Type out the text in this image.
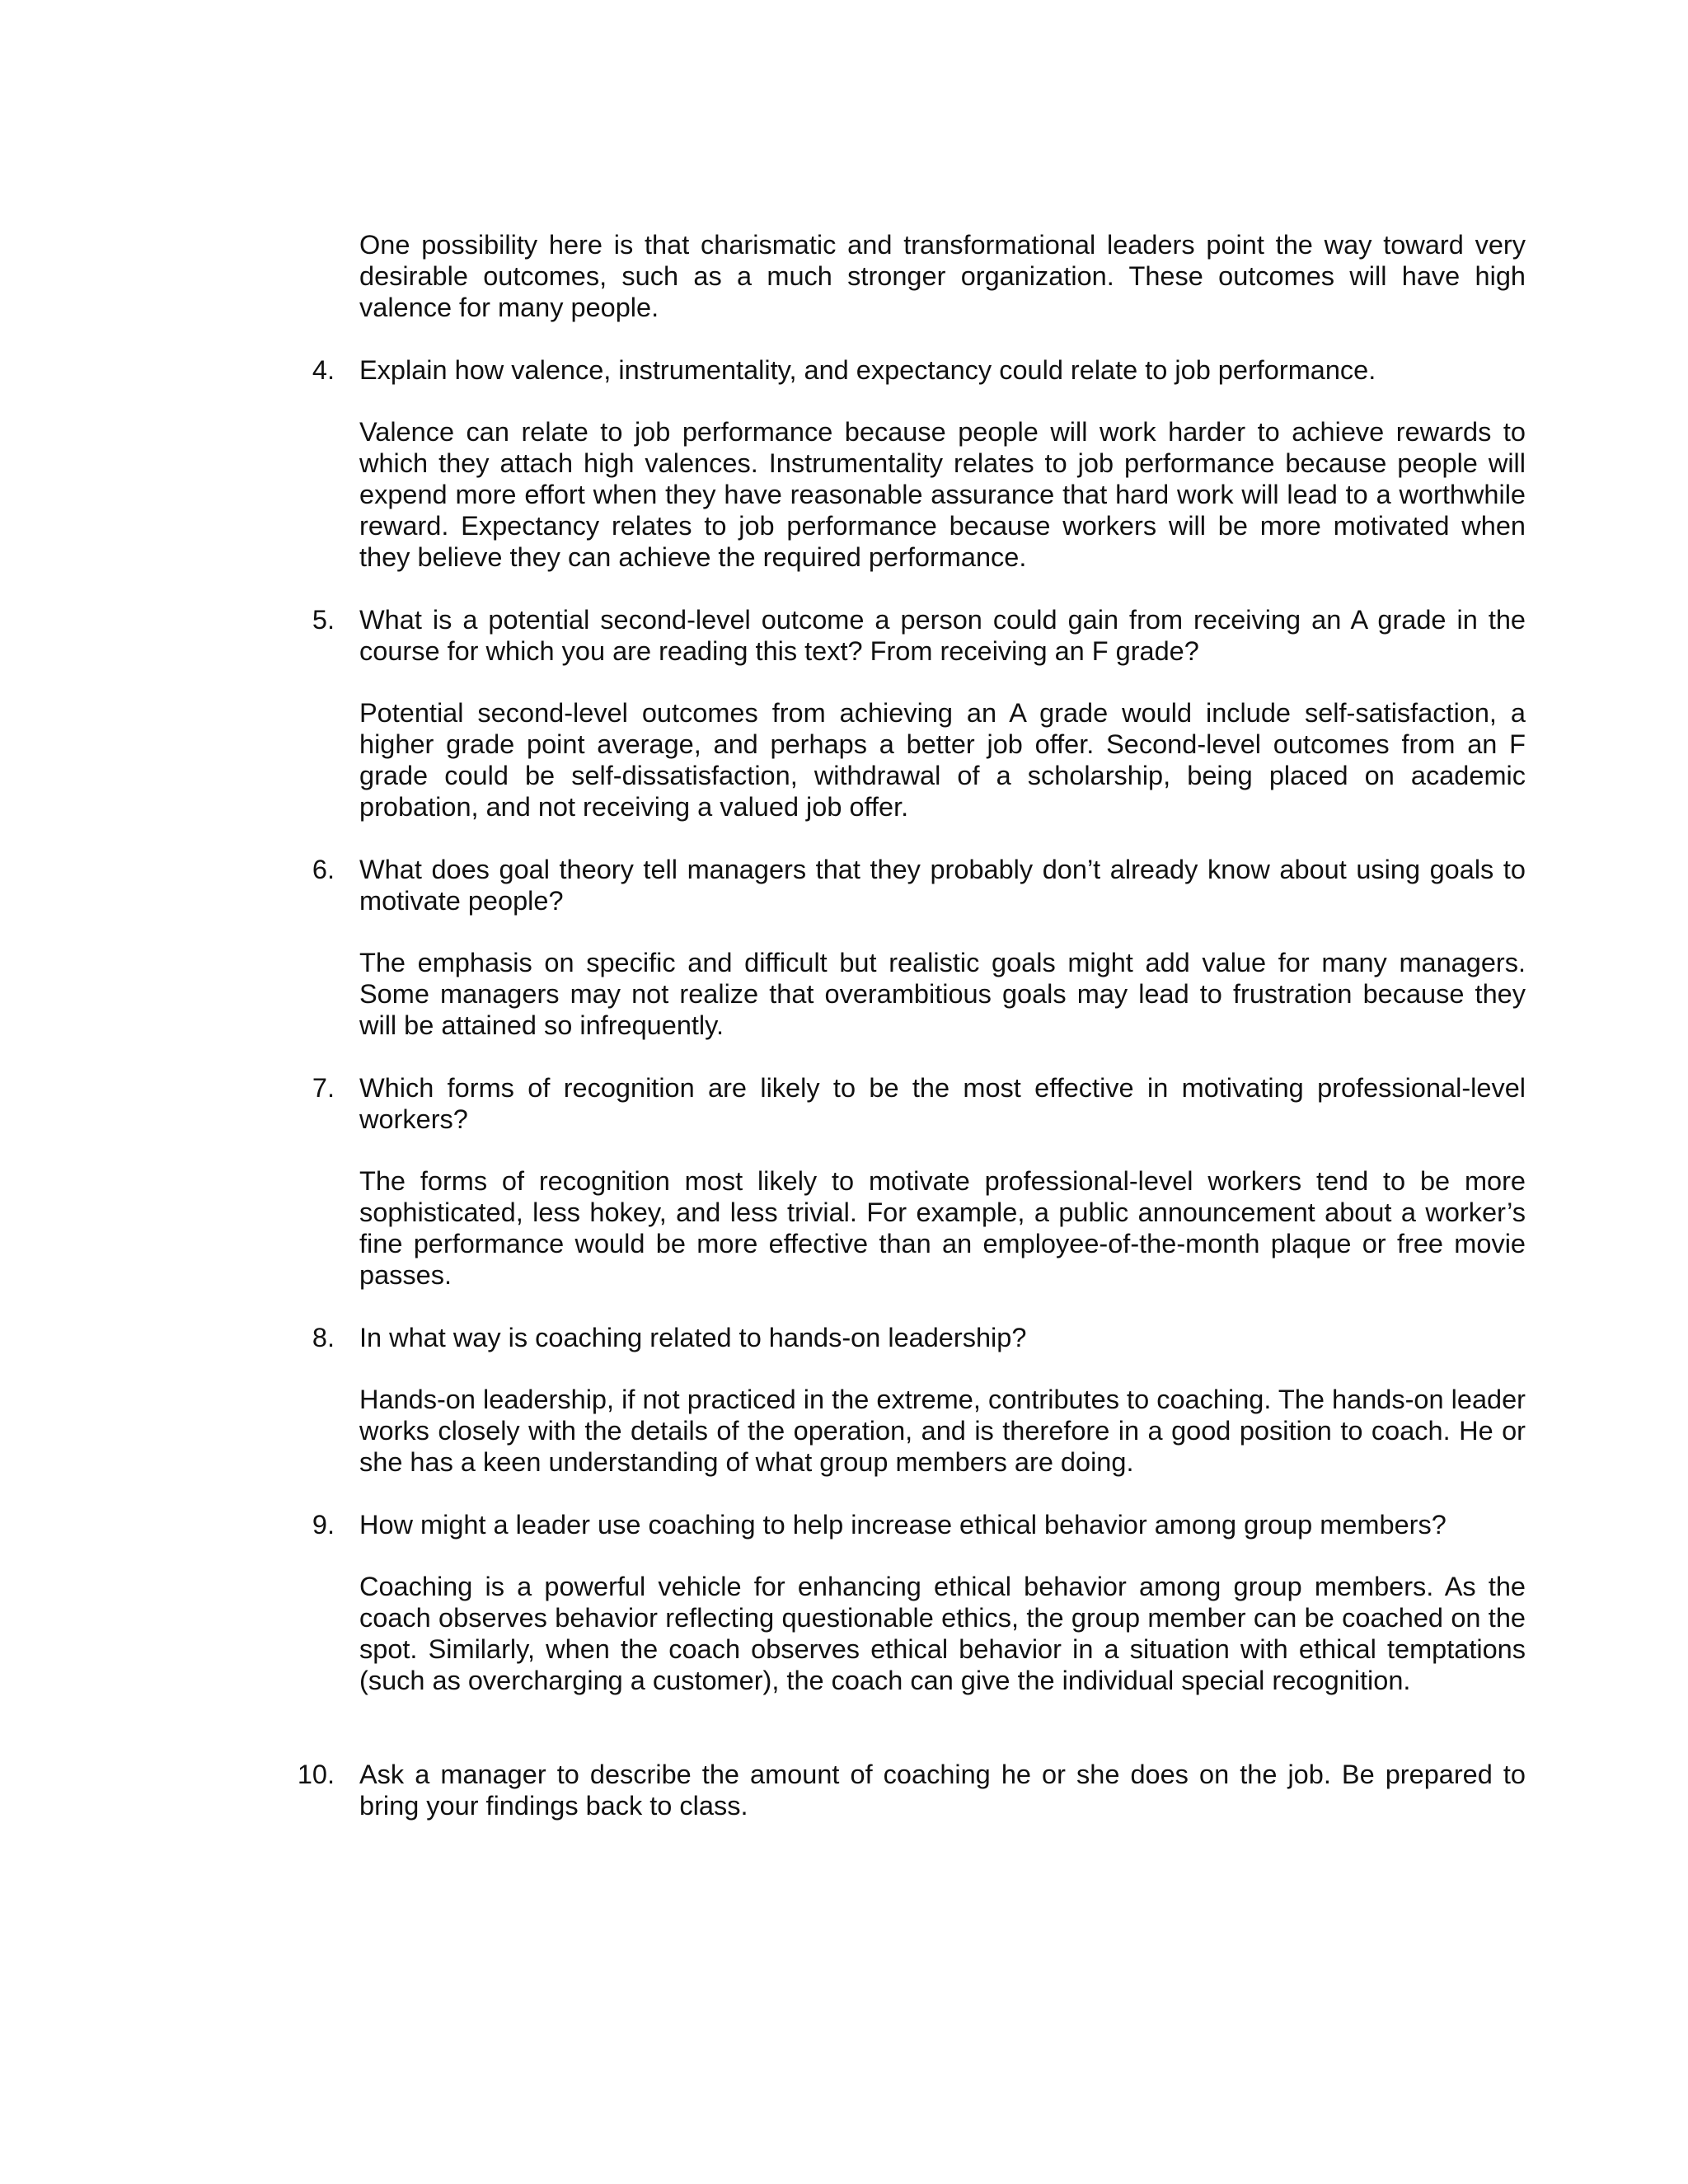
One possibility here is that charismatic and transformational leaders point the way toward very desirable outcomes, such as a much stronger organization. These outcomes will have high valence for many people.

4. Explain how valence, instrumentality, and expectancy could relate to job performance.

Valence can relate to job performance because people will work harder to achieve rewards to which they attach high valences. Instrumentality relates to job performance because people will expend more effort when they have reasonable assurance that hard work will lead to a worthwhile reward. Expectancy relates to job performance because workers will be more motivated when they believe they can achieve the required performance.

5. What is a potential second-level outcome a person could gain from receiving an A grade in the course for which you are reading this text? From receiving an F grade?

Potential second-level outcomes from achieving an A grade would include self-satisfaction, a higher grade point average, and perhaps a better job offer. Second-level outcomes from an F grade could be self-dissatisfaction, withdrawal of a scholarship, being placed on academic probation, and not receiving a valued job offer.

6. What does goal theory tell managers that they probably don’t already know about using goals to motivate people?

The emphasis on specific and difficult but realistic goals might add value for many managers. Some managers may not realize that overambitious goals may lead to frustration because they will be attained so infrequently.

7. Which forms of recognition are likely to be the most effective in motivating professional-level workers?

The forms of recognition most likely to motivate professional-level workers tend to be more sophisticated, less hokey, and less trivial. For example, a public announcement about a worker’s fine performance would be more effective than an employee-of-the-month plaque or free movie passes.

8. In what way is coaching related to hands-on leadership?

Hands-on leadership, if not practiced in the extreme, contributes to coaching. The hands-on leader works closely with the details of the operation, and is therefore in a good position to coach. He or she has a keen understanding of what group members are doing.

9. How might a leader use coaching to help increase ethical behavior among group members?

Coaching is a powerful vehicle for enhancing ethical behavior among group members. As the coach observes behavior reflecting questionable ethics, the group member can be coached on the spot. Similarly, when the coach observes ethical behavior in a situation with ethical temptations (such as overcharging a customer), the coach can give the individual special recognition.

10. Ask a manager to describe the amount of coaching he or she does on the job. Be prepared to bring your findings back to class.
